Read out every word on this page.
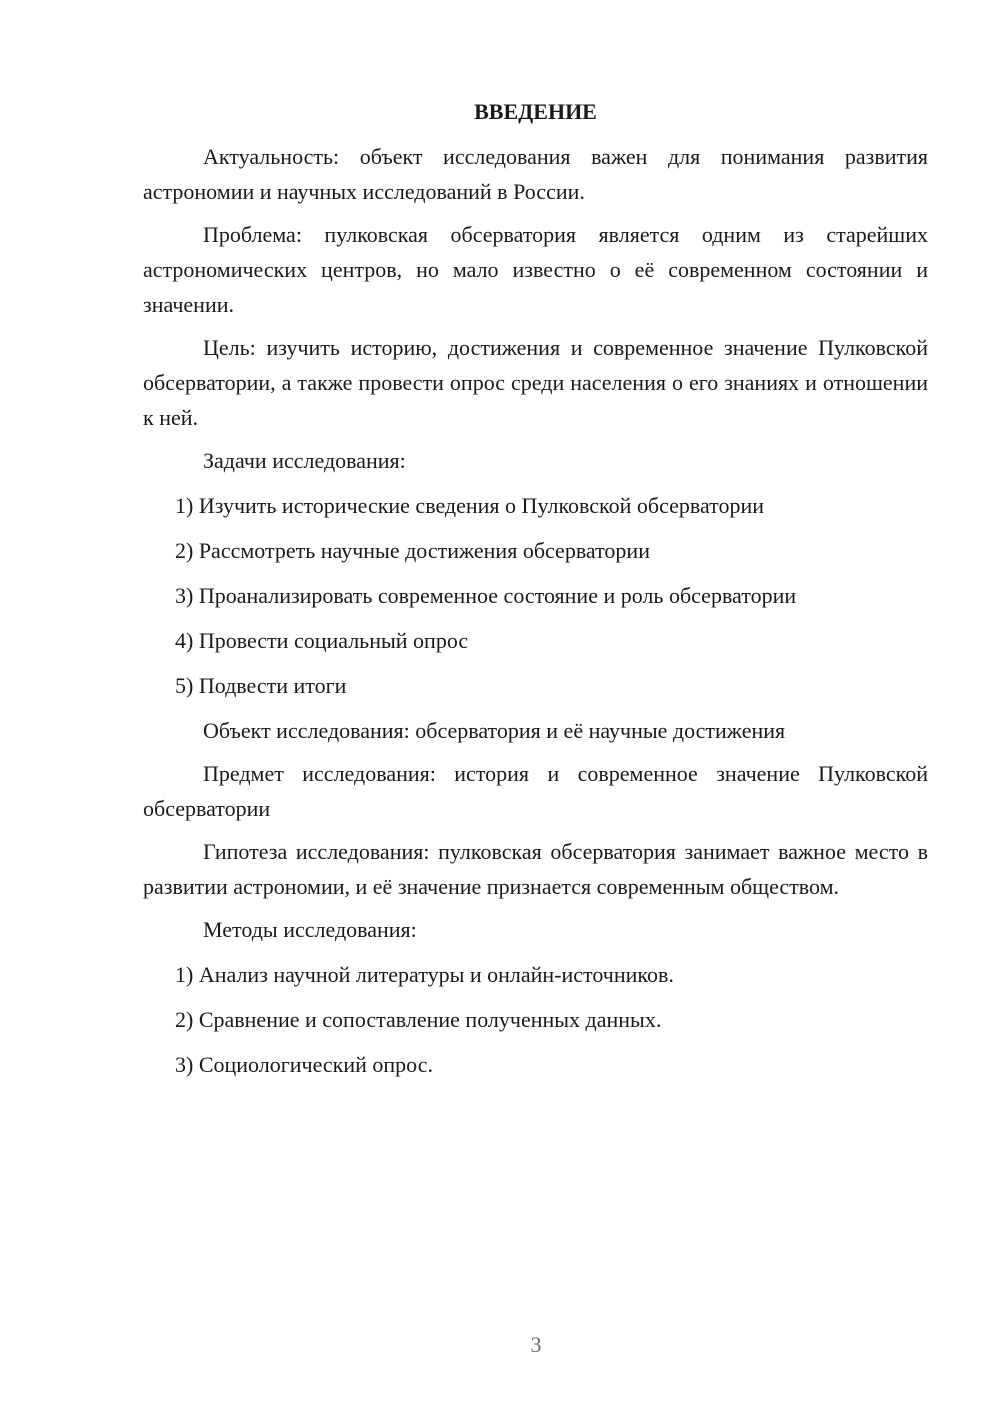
ВВЕДЕНИЕ

Актуальность: объект исследования важен для понимания развития астрономии и научных исследований в России.

Проблема: пулковская обсерватория является одним из старейших астрономических центров, но мало известно о её современном состоянии и значении.

Цель: изучить историю, достижения и современное значение Пулковской обсерватории, а также провести опрос среди населения о его знаниях и отношении к ней.

Задачи исследования:

1) Изучить исторические сведения о Пулковской обсерватории
2) Рассмотреть научные достижения обсерватории
3) Проанализировать современное состояние и роль обсерватории
4) Провести социальный опрос
5) Подвести итоги

Объект исследования: обсерватория и её научные достижения

Предмет исследования: история и современное значение Пулковской обсерватории

Гипотеза исследования: пулковская обсерватория занимает важное место в развитии астрономии, и её значение признается современным обществом.

Методы исследования:

1) Анализ научной литературы и онлайн-источников.
2) Сравнение и сопоставление полученных данных.
3) Социологический опрос.
3
